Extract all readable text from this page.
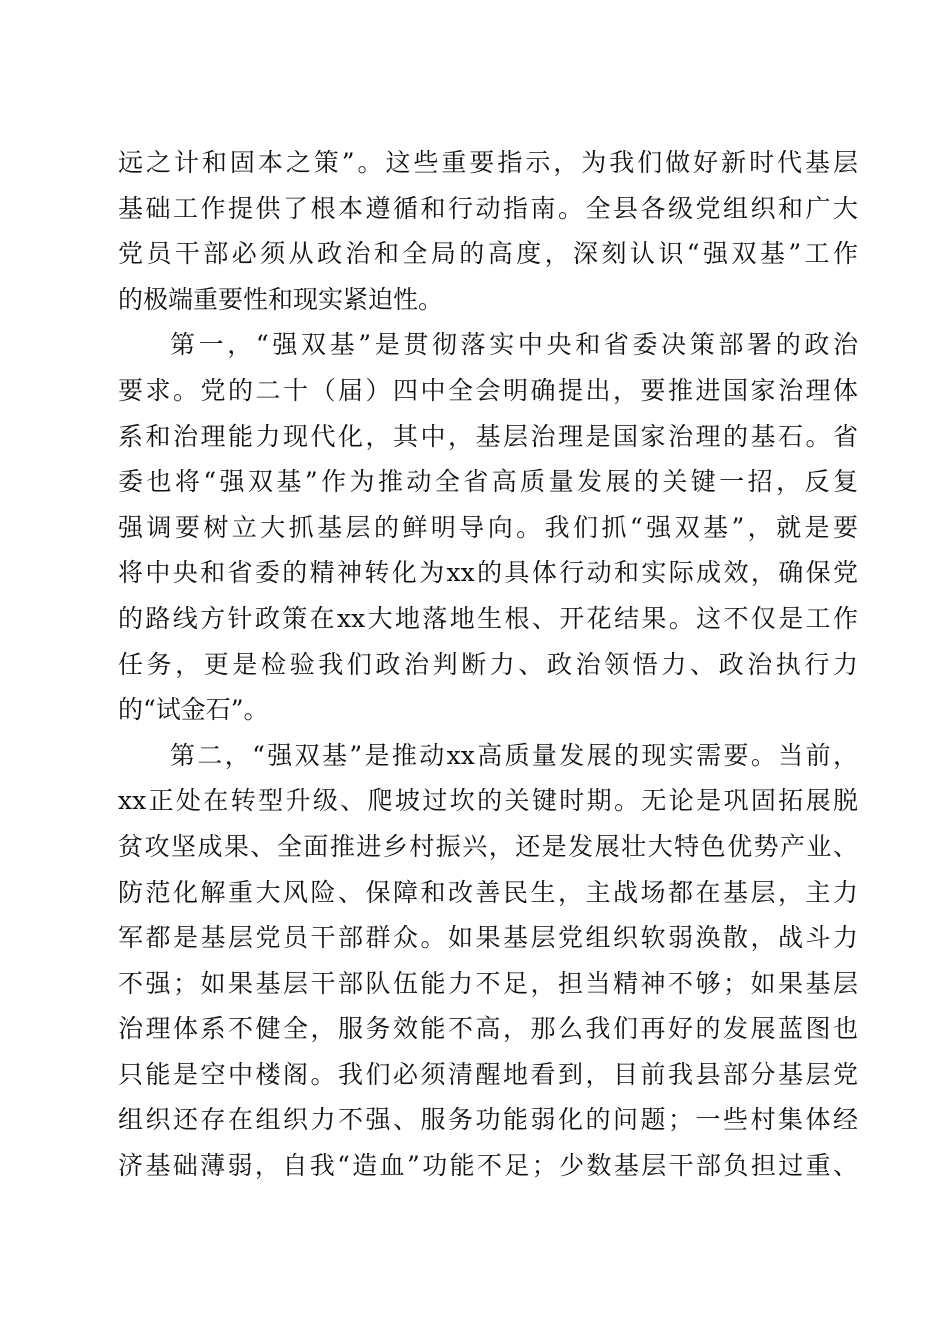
远之计和固本之策”。这些重要指示，为我们做好新时代基层
基础工作提供了根本遵循和行动指南。全县各级党组织和广大
党员干部必须从政治和全局的高度，深刻认识“强双基”工作
的极端重要性和现实紧迫性。
第一，“强双基”是贯彻落实中央和省委决策部署的政治
要求。党的二十（届）四中全会明确提出，要推进国家治理体
系和治理能力现代化，其中，基层治理是国家治理的基石。省
委也将“强双基”作为推动全省高质量发展的关键一招，反复
强调要树立大抓基层的鲜明导向。我们抓“强双基”，就是要
将中央和省委的精神转化为xx的具体行动和实际成效，确保党
的路线方针政策在xx大地落地生根、开花结果。这不仅是工作
任务，更是检验我们政治判断力、政治领悟力、政治执行力
的“试金石”。
第二，“强双基”是推动xx高质量发展的现实需要。当前，
xx正处在转型升级、爬坡过坎的关键时期。无论是巩固拓展脱
贫攻坚成果、全面推进乡村振兴，还是发展壮大特色优势产业、
防范化解重大风险、保障和改善民生，主战场都在基层，主力
军都是基层党员干部群众。如果基层党组织软弱涣散，战斗力
不强；如果基层干部队伍能力不足，担当精神不够；如果基层
治理体系不健全，服务效能不高，那么我们再好的发展蓝图也
只能是空中楼阁。我们必须清醒地看到，目前我县部分基层党
组织还存在组织力不强、服务功能弱化的问题；一些村集体经
济基础薄弱，自我“造血”功能不足；少数基层干部负担过重、
